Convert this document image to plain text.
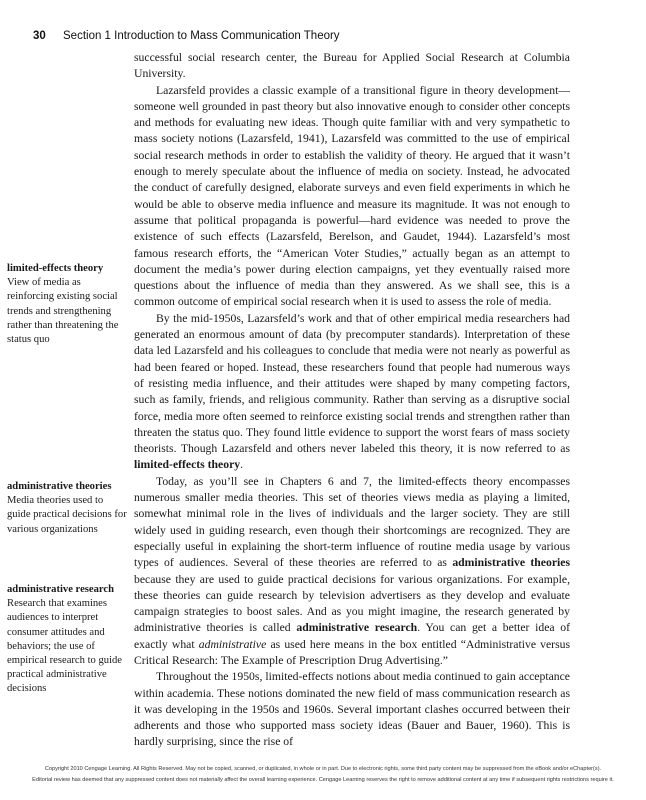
30 Section 1 Introduction to Mass Communication Theory

successful social research center, the Bureau for Applied Social Research at Columbia University.

Lazarsfeld provides a classic example of a transitional figure in theory development—someone well grounded in past theory but also innovative enough to consider other concepts and methods for evaluating new ideas. Though quite familiar with and very sympathetic to mass society notions (Lazarsfeld, 1941), Lazarsfeld was committed to the use of empirical social research methods in order to establish the validity of theory. He argued that it wasn’t enough to merely speculate about the influence of media on society. Instead, he advocated the conduct of carefully designed, elaborate surveys and even field experiments in which he would be able to observe media influence and measure its magnitude. It was not enough to assume that political propaganda is powerful—hard evidence was needed to prove the existence of such effects (Lazarsfeld, Berelson, and Gaudet, 1944). Lazarsfeld’s most famous research efforts, the “American Voter Studies,” actually began as an attempt to document the media’s power during election campaigns, yet they eventually raised more questions about the influence of media than they answered. As we shall see, this is a common outcome of empirical social research when it is used to assess the role of media.

By the mid-1950s, Lazarsfeld’s work and that of other empirical media researchers had generated an enormous amount of data (by precomputer standards). Interpretation of these data led Lazarsfeld and his colleagues to conclude that media were not nearly as powerful as had been feared or hoped. Instead, these researchers found that people had numerous ways of resisting media influence, and their attitudes were shaped by many competing factors, such as family, friends, and religious community. Rather than serving as a disruptive social force, media more often seemed to reinforce existing social trends and strengthen rather than threaten the status quo. They found little evidence to support the worst fears of mass society theorists. Though Lazarsfeld and others never labeled this theory, it is now referred to as limited-effects theory.

Today, as you’ll see in Chapters 6 and 7, the limited-effects theory encompasses numerous smaller media theories. This set of theories views media as playing a limited, somewhat minimal role in the lives of individuals and the larger society. They are still widely used in guiding research, even though their shortcomings are recognized. They are especially useful in explaining the short-term influence of routine media usage by various types of audiences. Several of these theories are referred to as administrative theories because they are used to guide practical decisions for various organizations. For example, these theories can guide research by television advertisers as they develop and evaluate campaign strategies to boost sales. And as you might imagine, the research generated by administrative theories is called administrative research. You can get a better idea of exactly what administrative as used here means in the box entitled “Administrative versus Critical Research: The Example of Prescription Drug Advertising.”

Throughout the 1950s, limited-effects notions about media continued to gain acceptance within academia. These notions dominated the new field of mass communication research as it was developing in the 1950s and 1960s. Several important clashes occurred between their adherents and those who supported mass society ideas (Bauer and Bauer, 1960). This is hardly surprising, since the rise of

limited-effects theory
View of media as reinforcing existing social trends and strengthening rather than threatening the status quo
administrative theories
Media theories used to guide practical decisions for various organizations
administrative research
Research that examines audiences to interpret consumer attitudes and behaviors; the use of empirical research to guide practical administrative decisions
Copyright 2010 Cengage Learning. All Rights Reserved. May not be copied, scanned, or duplicated, in whole or in part. Due to electronic rights, some third party content may be suppressed from the eBook and/or eChapter(s).
Editorial review has deemed that any suppressed content does not materially affect the overall learning experience. Cengage Learning reserves the right to remove additional content at any time if subsequent rights restrictions require it.
